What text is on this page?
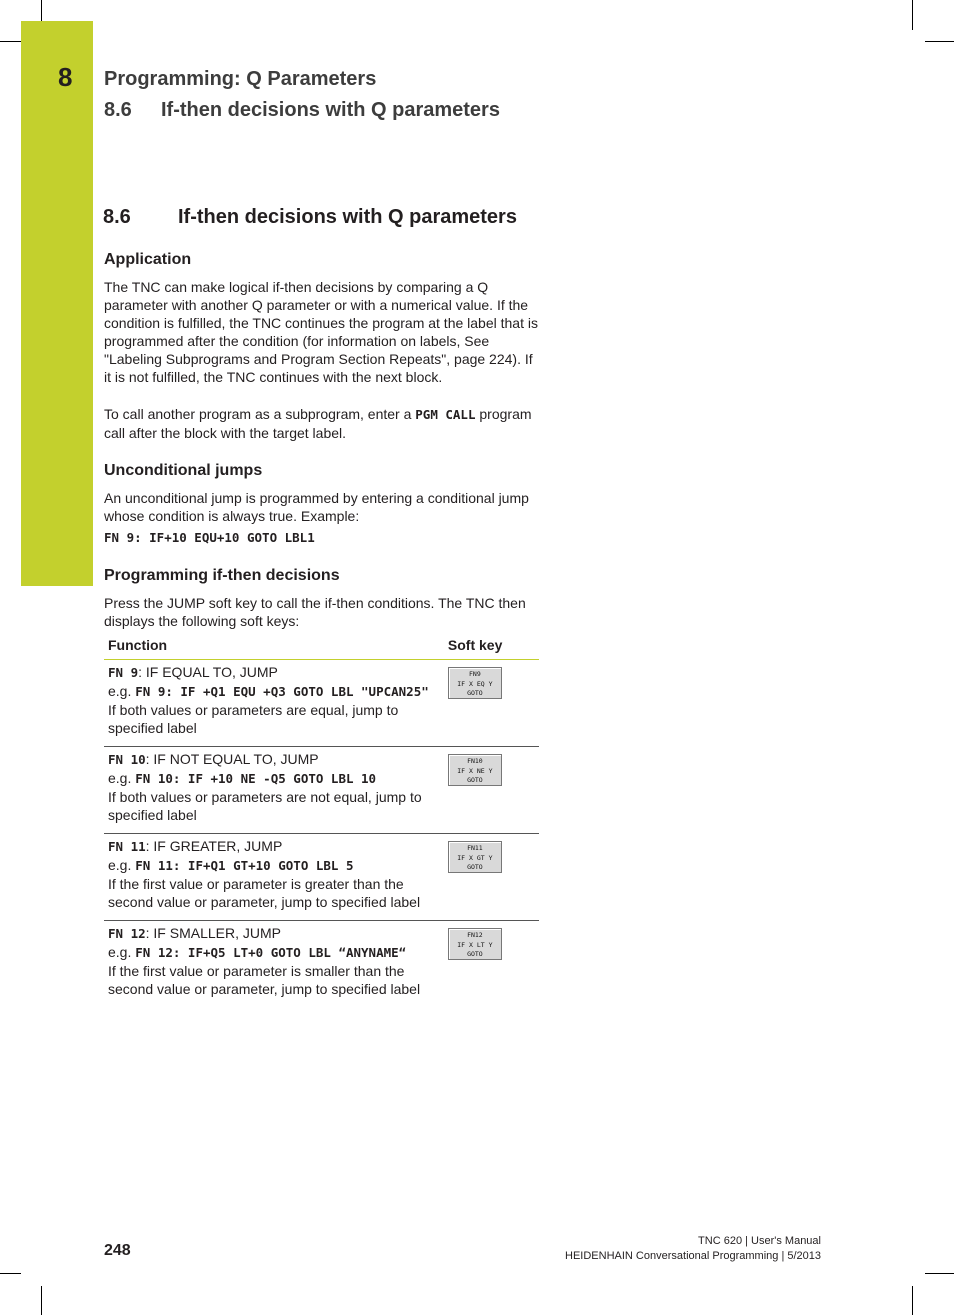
8 Programming: Q Parameters
8.6 If-then decisions with Q parameters
8.6 If-then decisions with Q parameters
Application
The TNC can make logical if-then decisions by comparing a Q parameter with another Q parameter or with a numerical value. If the condition is fulfilled, the TNC continues the program at the label that is programmed after the condition (for information on labels, See "Labeling Subprograms and Program Section Repeats", page 224). If it is not fulfilled, the TNC continues with the next block.
To call another program as a subprogram, enter a PGM CALL program call after the block with the target label.
Unconditional jumps
An unconditional jump is programmed by entering a conditional jump whose condition is always true. Example:
FN 9: IF+10 EQU+10 GOTO LBL1
Programming if-then decisions
Press the JUMP soft key to call the if-then conditions. The TNC then displays the following soft keys:
Function	Soft key
FN 9: IF EQUAL TO, JUMP
e.g. FN 9: IF +Q1 EQU +Q3 GOTO LBL "UPCAN25"
If both values or parameters are equal, jump to specified label	FN9
IF X EQ Y
GOTO

FN 10: IF NOT EQUAL TO, JUMP
e.g. FN 10: IF +10 NE -Q5 GOTO LBL 10
If both values or parameters are not equal, jump to specified label	FN10
IF X NE Y
GOTO

FN 11: IF GREATER, JUMP
e.g. FN 11: IF+Q1 GT+10 GOTO LBL 5
If the first value or parameter is greater than the second value or parameter, jump to specified label	FN11
IF X GT Y
GOTO

FN 12: IF SMALLER, JUMP
e.g. FN 12: IF+Q5 LT+0 GOTO LBL “ANYNAME“
If the first value or parameter is smaller than the second value or parameter, jump to specified label	FN12
IF X LT Y
GOTO
248
TNC 620 | User's Manual
HEIDENHAIN Conversational Programming | 5/2013
